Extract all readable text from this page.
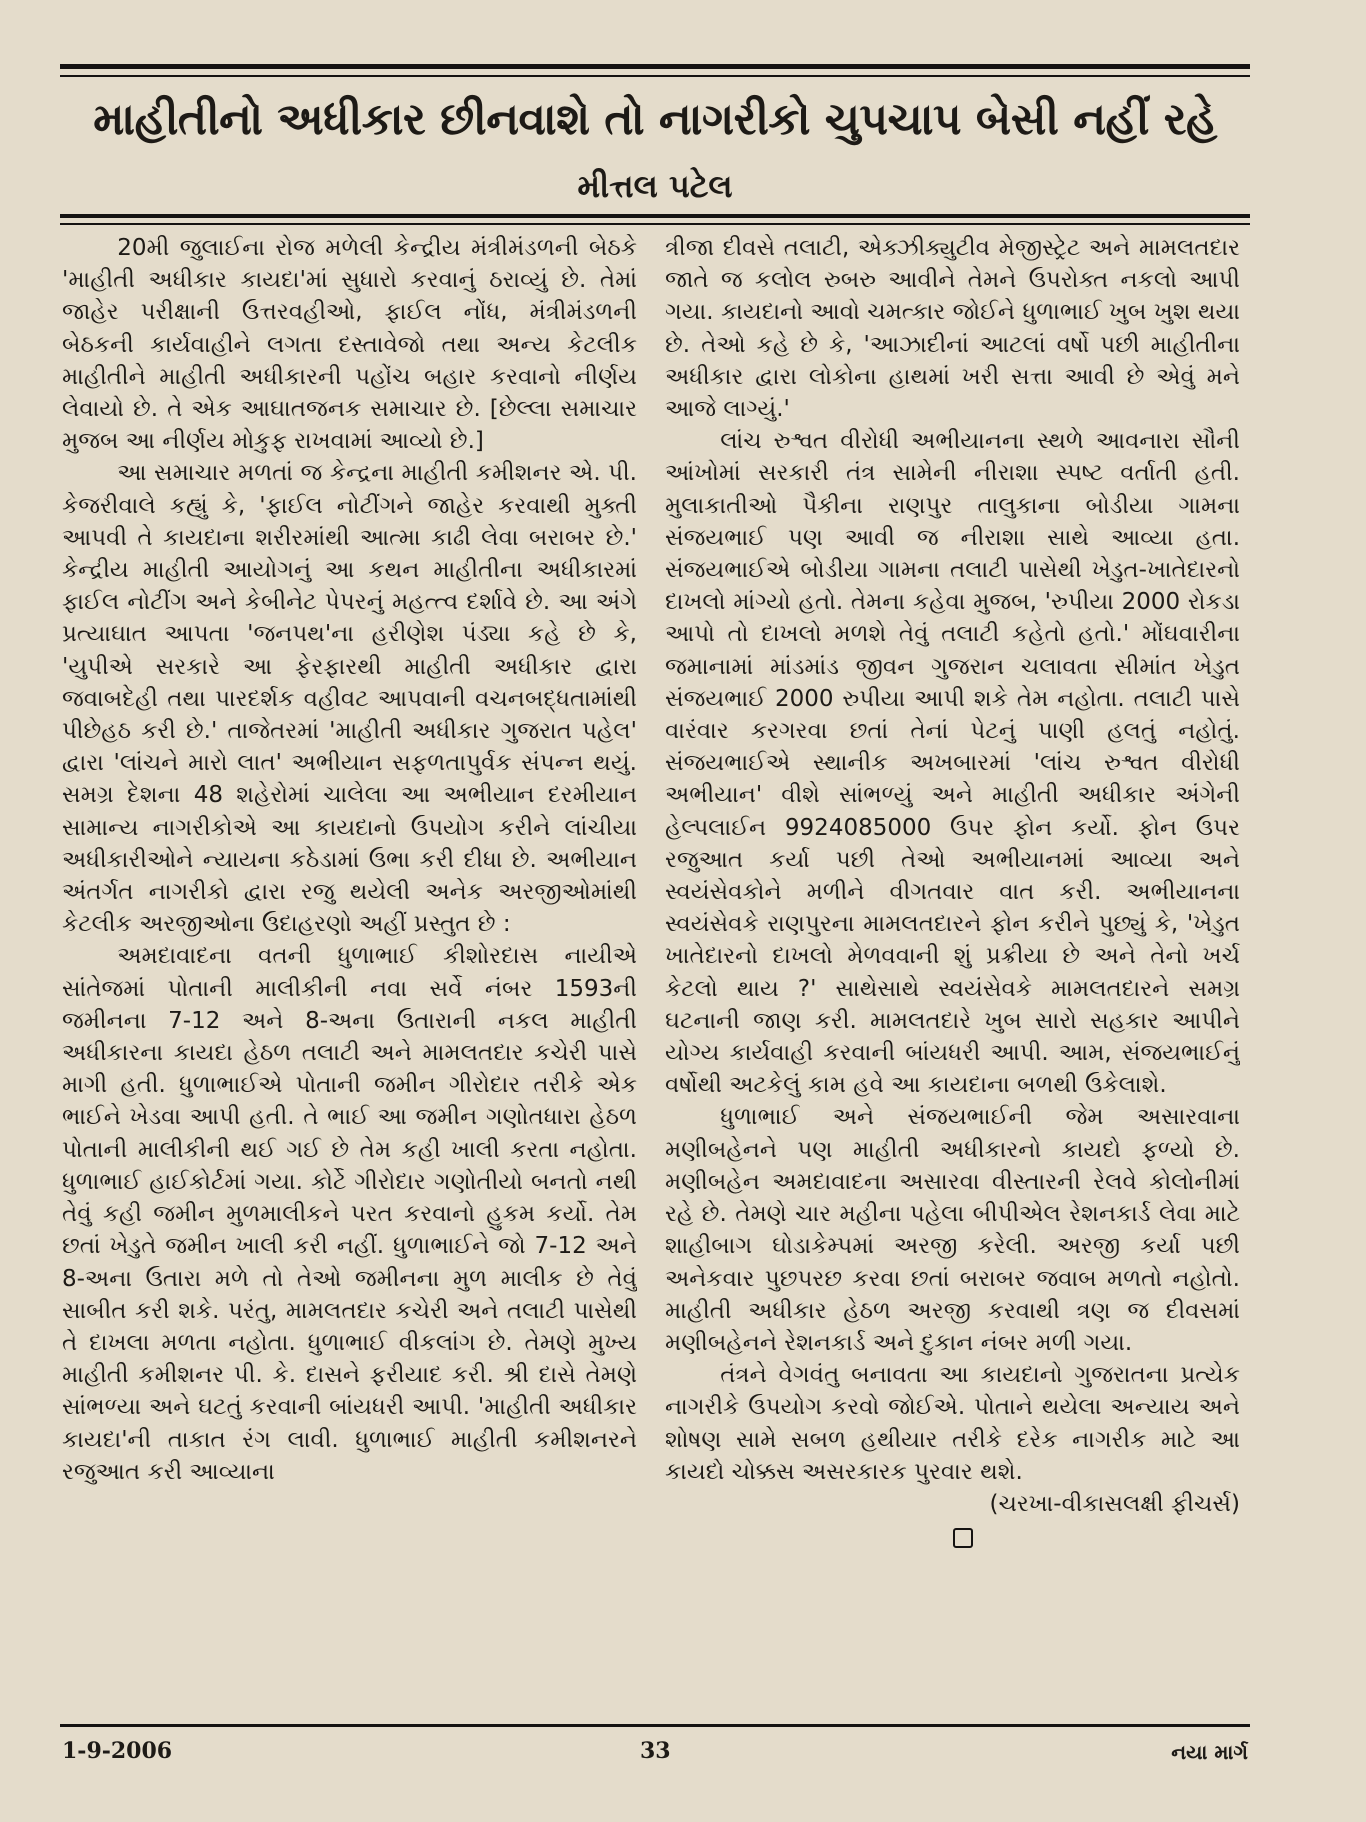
માહીતીનો અધીકાર છીનવાશે તો નાગરીકો ચુપચાપ બેસી નહીં રહે
મીત્તલ પટેલ

20મી જુલાઈના રોજ મળેલી કેન્દ્રીય મંત્રીમંડળની બેઠકે 'માહીતી અધીકાર કાયદા'માં સુધારો કરવાનું ઠરાવ્યું છે. તેમાં જાહેર પરીક્ષાની ઉત્તરવહીઓ, ફાઈલ નોંધ, મંત્રીમંડળની બેઠકની કાર્યવાહીને લગતા દસ્તાવેજો તથા અન્ય કેટલીક માહીતીને માહીતી અધીકારની પહોંચ બહાર કરવાનો નીર્ણય લેવાયો છે. તે એક આઘાતજનક સમાચાર છે. [છેલ્લા સમાચાર મુજબ આ નીર્ણય મોકુફ રાખવામાં આવ્યો છે.]

આ સમાચાર મળતાં જ કેન્દ્રના માહીતી કમીશનર એ. પી. કેજરીવાલે કહ્યું કે, 'ફાઈલ નોટીંગને જાહેર કરવાથી મુક્તી આપવી તે કાયદાના શરીરમાંથી આત્મા કાઢી લેવા બરાબર છે.' કેન્દ્રીય માહીતી આયોગનું આ કથન માહીતીના અધીકારમાં ફાઈલ નોટીંગ અને કેબીનેટ પેપરનું મહત્ત્વ દર્શાવે છે. આ અંગે પ્રત્યાઘાત આપતા 'જનપથ'ના હરીણેશ પંડ્યા કહે છે કે, 'યુપીએ સરકારે આ ફેરફારથી માહીતી અધીકાર દ્વારા જવાબદેહી તથા પારદર્શક વહીવટ આપવાની વચનબદ્ધતામાંથી પીછેહઠ કરી છે.' તાજેતરમાં 'માહીતી અધીકાર ગુજરાત પહેલ' દ્વારા 'લાંચને મારો લાત' અભીયાન સફળતાપુર્વક સંપન્ન થયું. સમગ્ર દેશના 48 શહેરોમાં ચાલેલા આ અભીયાન દરમીયાન સામાન્ય નાગરીકોએ આ કાયદાનો ઉપયોગ કરીને લાંચીયા અધીકારીઓને ન્યાયના કઠેડામાં ઉભા કરી દીધા છે. અભીયાન અંતર્ગત નાગરીકો દ્વારા રજુ થયેલી અનેક અરજીઓમાંથી કેટલીક અરજીઓના ઉદાહરણો અહીં પ્રસ્તુત છે :

અમદાવાદના વતની ધુળાભાઈ કીશોરદાસ નાયીએ સાંતેજમાં પોતાની માલીકીની નવા સર્વે નંબર 1593ની જમીનના 7-12 અને 8-અના ઉતારાની નકલ માહીતી અધીકારના કાયદા હેઠળ તલાટી અને મામલતદાર કચેરી પાસે માગી હતી. ધુળાભાઈએ પોતાની જમીન ગીરોદાર તરીકે એક ભાઈને ખેડવા આપી હતી. તે ભાઈ આ જમીન ગણોતધારા હેઠળ પોતાની માલીકીની થઈ ગઈ છે તેમ કહી ખાલી કરતા નહોતા. ધુળાભાઈ હાઈકોર્ટમાં ગયા. કોર્ટે ગીરોદાર ગણોતીયો બનતો નથી તેવું કહી જમીન મુળમાલીકને પરત કરવાનો હુકમ કર્યો. તેમ છતાં ખેડુતે જમીન ખાલી કરી નહીં. ધુળાભાઈને જો 7-12 અને 8-અના ઉતારા મળે તો તેઓ જમીનના મુળ માલીક છે તેવું સાબીત કરી શકે. પરંતુ, મામલતદાર કચેરી અને તલાટી પાસેથી તે દાખલા મળતા નહોતા. ધુળાભાઈ વીકલાંગ છે. તેમણે મુખ્ય માહીતી કમીશનર પી. કે. દાસને ફરીયાદ કરી. શ્રી દાસે તેમણે સાંભળ્યા અને ઘટતું કરવાની બાંયધરી આપી. 'માહીતી અધીકાર કાયદા'ની તાકાત રંગ લાવી. ધુળાભાઈ માહીતી કમીશનરને રજુઆત કરી આવ્યાના

ત્રીજા દીવસે તલાટી, એક્ઝીક્યુટીવ મેજીસ્ટ્રેટ અને મામલતદાર જાતે જ કલોલ રુબરુ આવીને તેમને ઉપરોક્ત નકલો આપી ગયા. કાયદાનો આવો ચમત્કાર જોઈને ધુળાભાઈ ખુબ ખુશ થયા છે. તેઓ કહે છે કે, 'આઝાદીનાં આટલાં વર્ષો પછી માહીતીના અધીકાર દ્વારા લોકોના હાથમાં ખરી સત્તા આવી છે એવું મને આજે લાગ્યું.'

લાંચ રુશ્વત વીરોધી અભીયાનના સ્થળે આવનારા સૌની આંખોમાં સરકારી તંત્ર સામેની નીરાશા સ્પષ્ટ વર્તાતી હતી. મુલાકાતીઓ પૈકીના રાણપુર તાલુકાના બોડીયા ગામના સંજયભાઈ પણ આવી જ નીરાશા સાથે આવ્યા હતા. સંજયભાઈએ બોડીયા ગામના તલાટી પાસેથી ખેડુત-ખાતેદારનો દાખલો માંગ્યો હતો. તેમના કહેવા મુજબ, 'રુપીયા 2000 રોકડા આપો તો દાખલો મળશે તેવું તલાટી કહેતો હતો.' મોંઘવારીના જમાનામાં માંડમાંડ જીવન ગુજરાન ચલાવતા સીમાંત ખેડુત સંજયભાઈ 2000 રુપીયા આપી શકે તેમ નહોતા. તલાટી પાસે વારંવાર કરગરવા છતાં તેનાં પેટનું પાણી હલતું નહોતું. સંજયભાઈએ સ્થાનીક અખબારમાં 'લાંચ રુશ્વત વીરોધી અભીયાન' વીશે સાંભળ્યું અને માહીતી અધીકાર અંગેની હેલ્પલાઈન 9924085000 ઉપર ફોન કર્યો. ફોન ઉપર રજુઆત કર્યા પછી તેઓ અભીયાનમાં આવ્યા અને સ્વયંસેવકોને મળીને વીગતવાર વાત કરી. અભીયાનના સ્વયંસેવકે રાણપુરના મામલતદારને ફોન કરીને પુછ્યું કે, 'ખેડુત ખાતેદારનો દાખલો મેળવવાની શું પ્રક્રીયા છે અને તેનો ખર્ચ કેટલો થાય ?' સાથેસાથે સ્વયંસેવકે મામલતદારને સમગ્ર ઘટનાની જાણ કરી. મામલતદારે ખુબ સારો સહકાર આપીને યોગ્ય કાર્યવાહી કરવાની બાંયધરી આપી. આમ, સંજયભાઈનું વર્ષોથી અટકેલું કામ હવે આ કાયદાના બળથી ઉકેલાશે.

ધુળાભાઈ અને સંજયભાઈની જેમ અસારવાના મણીબહેનને પણ માહીતી અધીકારનો કાયદો ફળ્યો છે. મણીબહેન અમદાવાદના અસારવા વીસ્તારની રેલવે કોલોનીમાં રહે છે. તેમણે ચાર મહીના પહેલા બીપીએલ રેશનકાર્ડ લેવા માટે શાહીબાગ ઘોડાકેમ્પમાં અરજી કરેલી. અરજી કર્યા પછી અનેકવાર પુછપરછ કરવા છતાં બરાબર જવાબ મળતો નહોતો. માહીતી અધીકાર હેઠળ અરજી કરવાથી ત્રણ જ દીવસમાં મણીબહેનને રેશનકાર્ડ અને દુકાન નંબર મળી ગયા.

તંત્રને વેગવંતુ બનાવતા આ કાયદાનો ગુજરાતના પ્રત્યેક નાગરીકે ઉપયોગ કરવો જોઈએ. પોતાને થયેલા અન્યાય અને શોષણ સામે સબળ હથીયાર તરીકે દરેક નાગરીક માટે આ કાયદો ચોક્કસ અસરકારક પુરવાર થશે.

(ચરખા-વીકાસલક્ષી ફીચર્સ)

1-9-2006	33	નયા માર્ગ
